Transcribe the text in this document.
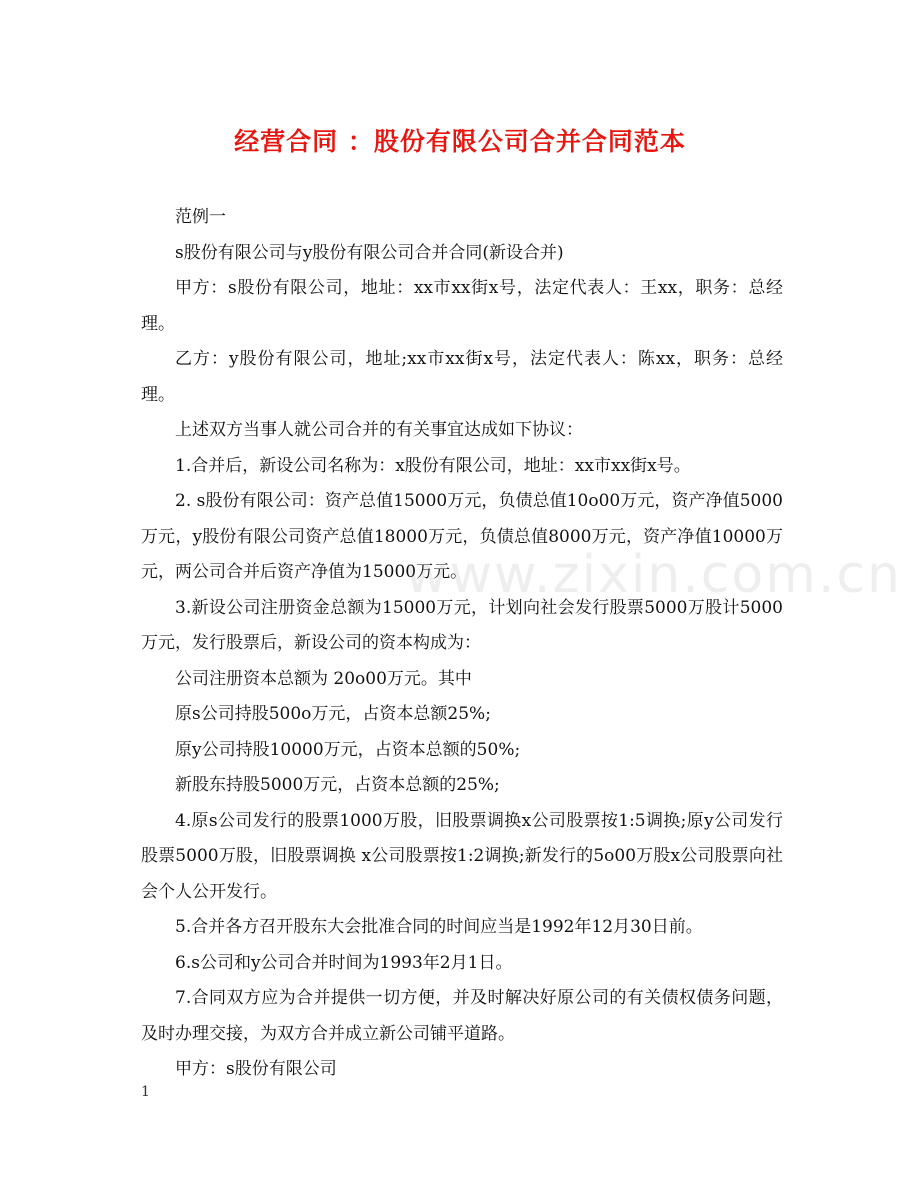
经营合同 ：股份有限公司合并合同范本

范例一

s股份有限公司与y股份有限公司合并合同(新设合并)

甲方：s股份有限公司，地址：xx市xx街x号，法定代表人：王xx，职务：总经理。

乙方：y股份有限公司，地址;xx市xx街x号，法定代表人：陈xx，职务：总经理。

上述双方当事人就公司合并的有关事宜达成如下协议：

1.合并后，新设公司名称为：x股份有限公司，地址：xx市xx街x号。

2. s股份有限公司：资产总值15000万元，负债总值10o00万元，资产净值5000万元，y股份有限公司资产总值18000万元，负债总值8000万元，资产净值10000万元，两公司合并后资产净值为15000万元。

3.新设公司注册资金总额为15000万元，计划向社会发行股票5000万股计5000万元，发行股票后，新设公司的资本构成为：

公司注册资本总额为 20o00万元。其中

原s公司持股500o万元，占资本总额25%;

原y公司持股10000万元，占资本总额的50%;

新股东持股5000万元，占资本总额的25%;

4.原s公司发行的股票1000万股，旧股票调换x公司股票按1:5调换;原y公司发行股票5000万股，旧股票调换 x公司股票按1:2调换;新发行的5o00万股x公司股票向社会个人公开发行。

5.合并各方召开股东大会批准合同的时间应当是1992年12月30日前。

6.s公司和y公司合并时间为1993年2月1日。

7.合同双方应为合并提供一切方便，并及时解决好原公司的有关债权债务问题，及时办理交接，为双方合并成立新公司铺平道路。

甲方：s股份有限公司

www.zixin.com.cn
1
